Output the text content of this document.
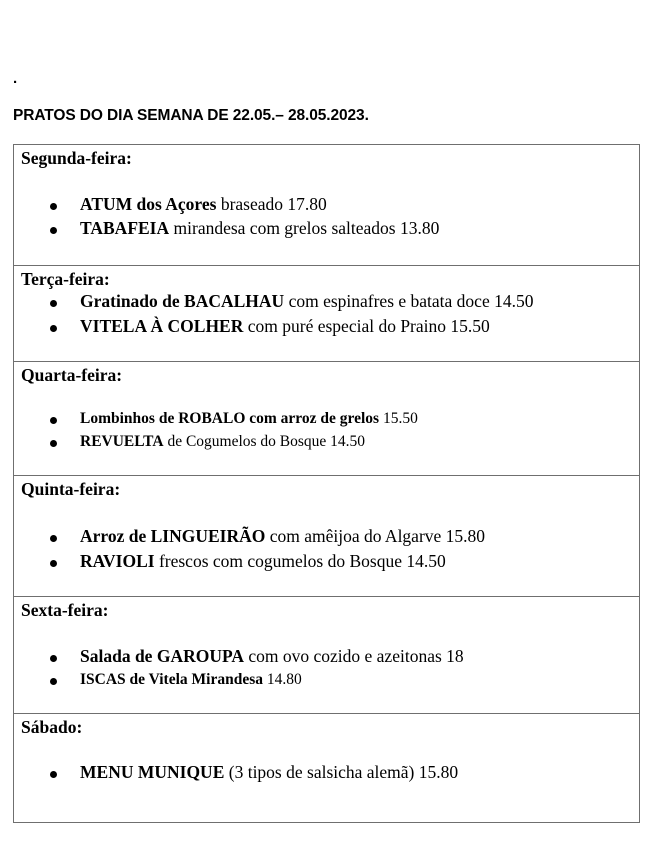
.
PRATOS DO DIA SEMANA DE 22.05.– 28.05.2023.
Segunda-feira:
ATUM dos Açores braseado 17.80
TABAFEIA mirandesa com grelos salteados 13.80
Terça-feira:
Gratinado de BACALHAU com espinafres e batata doce 14.50
VITELA À COLHER com puré especial do Praino 15.50
Quarta-feira:
Lombinhos de ROBALO com arroz de grelos 15.50
REVUELTA de Cogumelos do Bosque 14.50
Quinta-feira:
Arroz de LINGUEIRÃO com amêijoa do Algarve 15.80
RAVIOLI frescos com cogumelos do Bosque 14.50
Sexta-feira:
Salada de GAROUPA com ovo cozido e azeitonas 18
ISCAS de Vitela Mirandesa 14.80
Sábado:
MENU MUNIQUE (3 tipos de salsicha alemã) 15.80
